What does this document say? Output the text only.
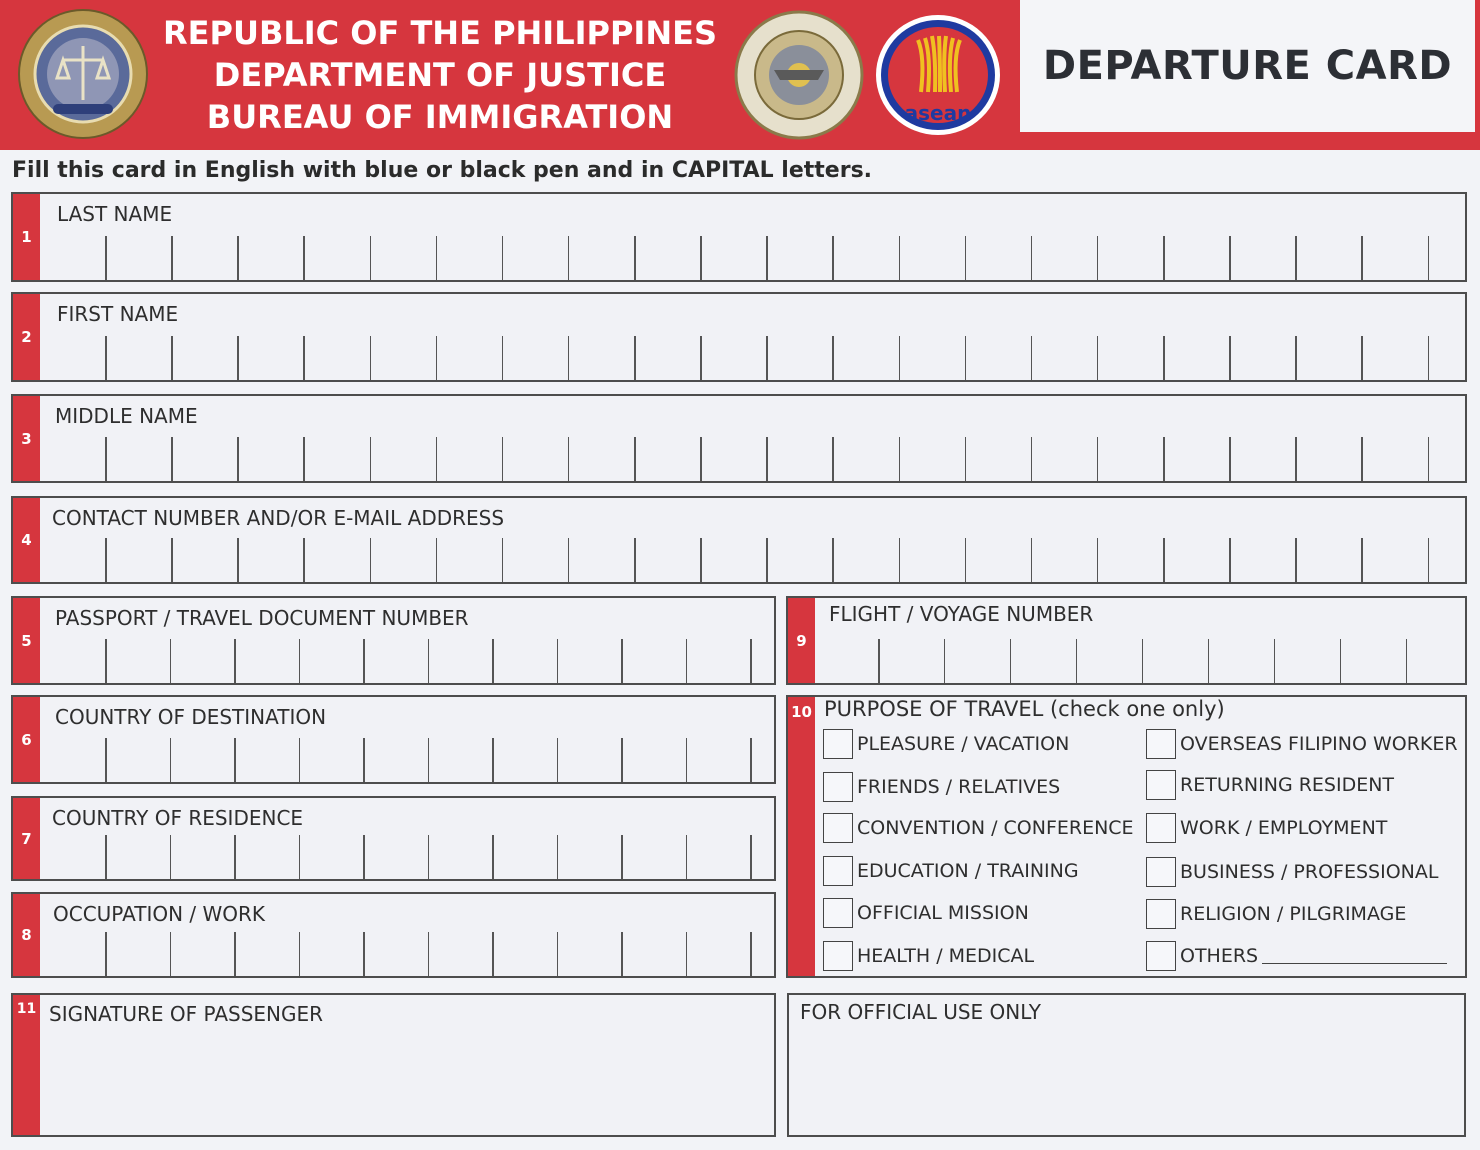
REPUBLIC OF THE PHILIPPINES
DEPARTMENT OF JUSTICE
BUREAU OF IMMIGRATION	asean
DEPARTURE CARD
Fill this card in English with blue or black pen and in CAPITAL letters.
1
LAST NAME
2
FIRST NAME
3
MIDDLE NAME
4
CONTACT NUMBER AND/OR E-MAIL ADDRESS
5
PASSPORT / TRAVEL DOCUMENT NUMBER
6
COUNTRY OF DESTINATION
7
COUNTRY OF RESIDENCE
8
OCCUPATION / WORK
9
FLIGHT / VOYAGE NUMBER
10 PURPOSE OF TRAVEL (check one only)
PLEASURE / VACATION
FRIENDS / RELATIVES
CONVENTION / CONFERENCE
EDUCATION / TRAINING
OFFICIAL MISSION
HEALTH / MEDICAL
OVERSEAS FILIPINO WORKER
RETURNING RESIDENT
WORK / EMPLOYMENT
BUSINESS / PROFESSIONAL
RELIGION / PILGRIMAGE
OTHERS
11 SIGNATURE OF PASSENGER	FOR OFFICIAL USE ONLY
